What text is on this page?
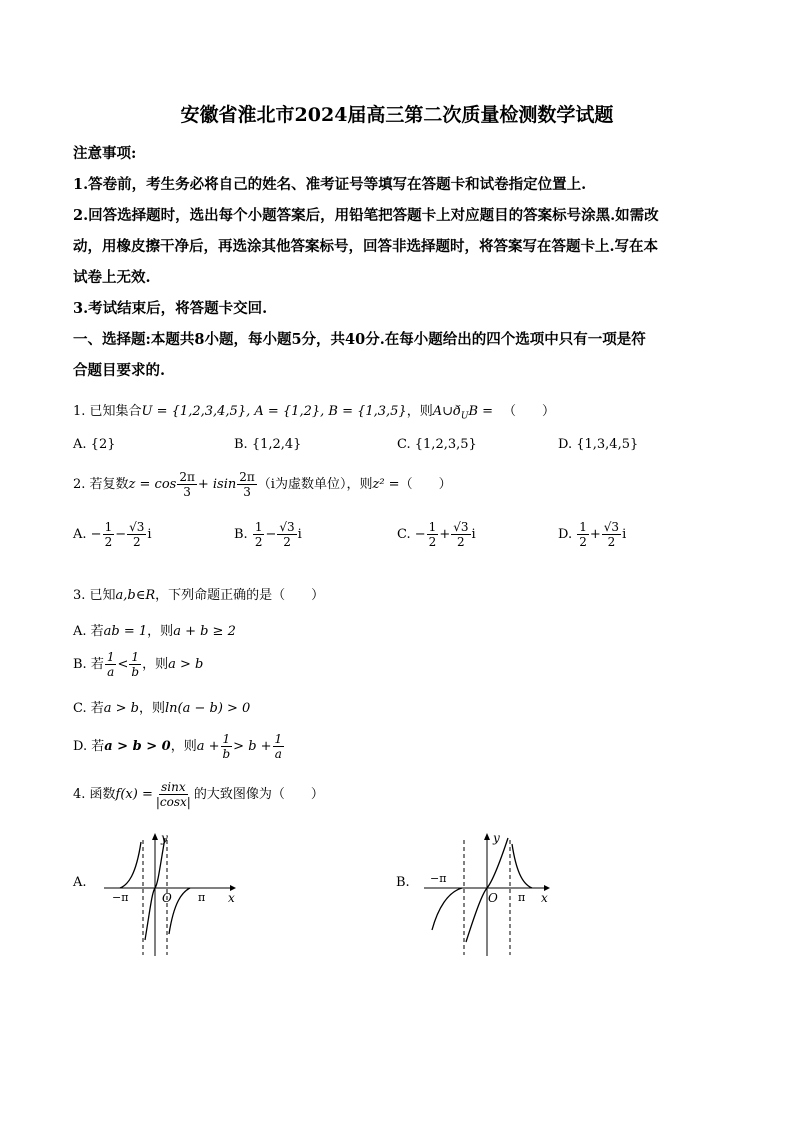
安徽省淮北市2024届高三第二次质量检测数学试题
注意事项:
1.答卷前，考生务必将自己的姓名、准考证号等填写在答题卡和试卷指定位置上.
2.回答选择题时，选出每个小题答案后，用铅笔把答题卡上对应题目的答案标号涂黑.如需改
动，用橡皮擦干净后，再选涂其他答案标号，回答非选择题时，将答案写在答题卡上.写在本
试卷上无效.
3.考试结束后，将答题卡交回.
一、选择题:本题共8小题，每小题5分，共40分.在每小题给出的四个选项中只有一项是符
合题目要求的.
1. 已知集合U = {1,2,3,4,5}, A = {1,2}, B = {1,3,5}，则$A\cup ð_UB$ = （　　）
A. {2}	B. {1,2,4}	C. {1,2,3,5}	D. {1,3,4,5}
2. 若复数$z = \cos \frac{2\pi}{3} + isin \frac{2\pi}{3} (i$为虚数单位），则z² =（　　）
A. − $\frac{1}{2} - \frac{√3}{2}$ i	B. $\frac{1}{2} - \frac{√3}{2}$ i	C. − $\frac{1}{2} + \frac{√3}{2}$ i	D. $\frac{1}{2} + \frac{√3}{2}$ i
3. 已知a,b∈R，下列命题正确的是（　　）
A. 若ab = 1，则a + b ≥ 2
B. 若 $\frac{1}{a} < \frac{1}{b}$ ，则a > b
C. 若a > b，则ln(a − b) > 0
D. 若a > b > 0，则$a + \frac{1}{b} > b + \frac{1}{a}$
4. 函数$f(x) = \frac{\sin x}{|\cos x|}$ 的大致图像为（　　）
A.	B.
y
x
O
−π	π
y
x
O
−π
π
